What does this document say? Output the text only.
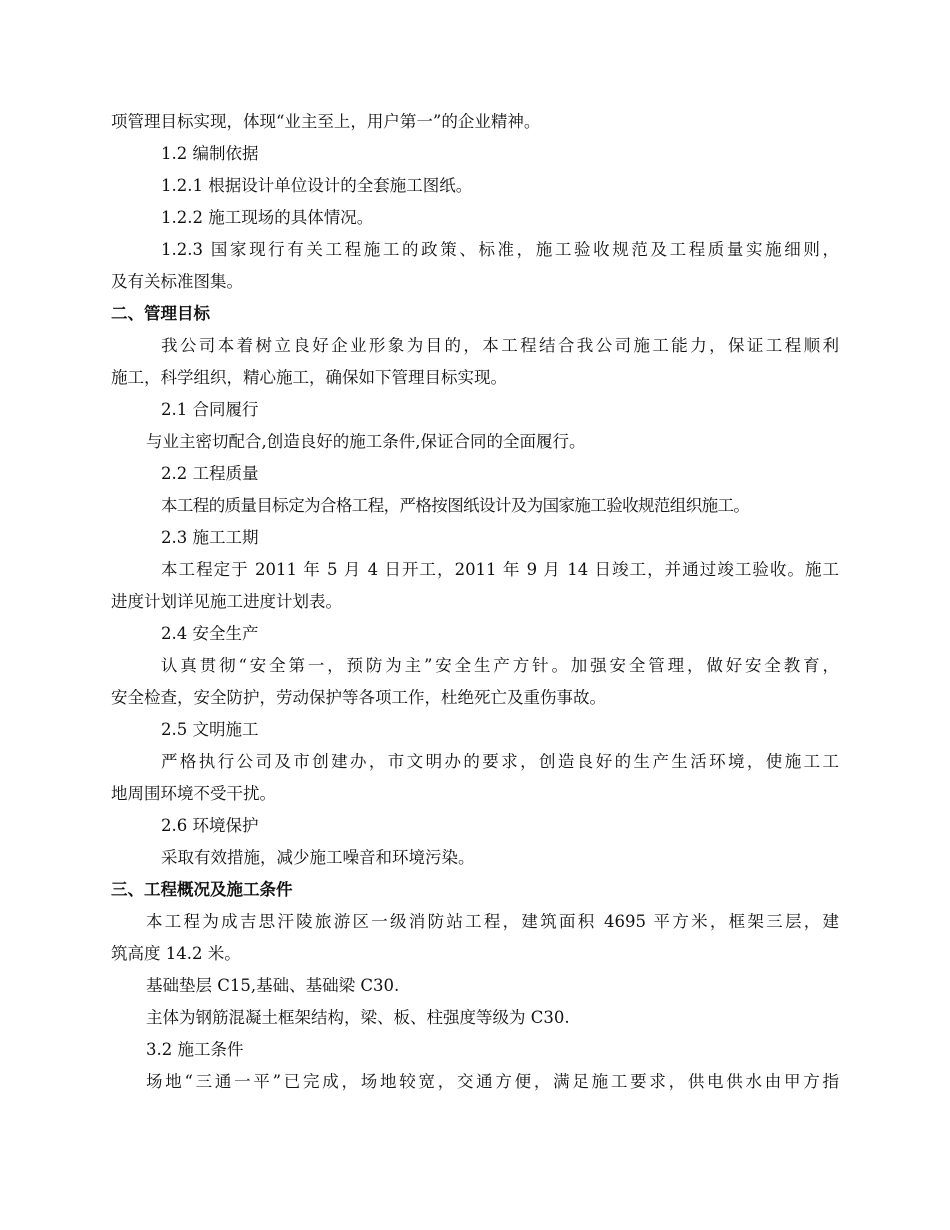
项管理目标实现，体现“业主至上，用户第一”的企业精神。
1.2 编制依据
1.2.1 根据设计单位设计的全套施工图纸。
1.2.2 施工现场的具体情况。
1.2.3 国家现行有关工程施工的政策、标准，施工验收规范及工程质量实施细则，
及有关标准图集。
二、管理目标
我公司本着树立良好企业形象为目的，本工程结合我公司施工能力，保证工程顺利
施工，科学组织，精心施工，确保如下管理目标实现。
2.1 合同履行
与业主密切配合,创造良好的施工条件,保证合同的全面履行。
2.2 工程质量
本工程的质量目标定为合格工程，严格按图纸设计及为国家施工验收规范组织施工。
2.3 施工工期
本工程定于 2011 年 5 月 4 日开工，2011 年 9 月 14 日竣工，并通过竣工验收。施工
进度计划详见施工进度计划表。
2.4 安全生产
认真贯彻“安全第一，预防为主”安全生产方针。加强安全管理，做好安全教育，
安全检查，安全防护，劳动保护等各项工作，杜绝死亡及重伤事故。
2.5 文明施工
严格执行公司及市创建办，市文明办的要求，创造良好的生产生活环境，使施工工
地周围环境不受干扰。
2.6 环境保护
采取有效措施，减少施工噪音和环境污染。
三、工程概况及施工条件
本工程为成吉思汗陵旅游区一级消防站工程，建筑面积 4695 平方米，框架三层，建
筑高度 14.2 米。
基础垫层 C15,基础、基础梁 C30.
主体为钢筋混凝土框架结构，梁、板、柱强度等级为 C30.
3.2 施工条件
场地“三通一平”已完成，场地较宽，交通方便，满足施工要求，供电供水由甲方指
